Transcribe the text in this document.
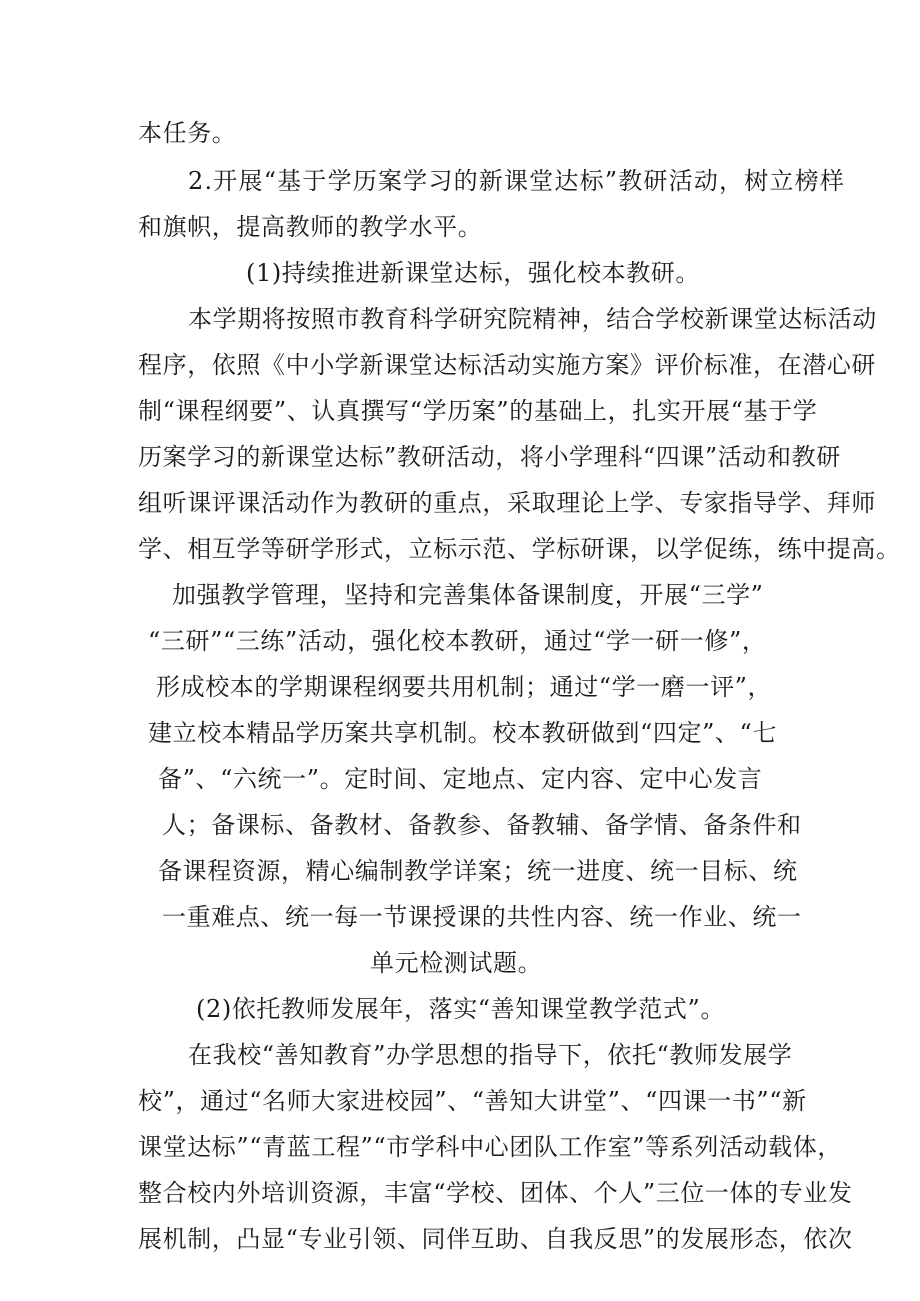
本任务。
2.开展“基于学历案学习的新课堂达标”教研活动，树立榜样
和旗帜，提高教师的教学水平。
(1)持续推进新课堂达标，强化校本教研。
本学期将按照市教育科学研究院精神，结合学校新课堂达标活动
程序，依照《中小学新课堂达标活动实施方案》评价标准，在潜心研
制“课程纲要”、认真撰写“学历案”的基础上，扎实开展“基于学
历案学习的新课堂达标”教研活动，将小学理科“四课”活动和教研
组听课评课活动作为教研的重点，采取理论上学、专家指导学、拜师
学、相互学等研学形式，立标示范、学标研课，以学促练，练中提高。
加强教学管理，坚持和完善集体备课制度，开展“三学”
“三研”“三练”活动，强化校本教研，通过“学一研一修”，
形成校本的学期课程纲要共用机制；通过“学一磨一评”，
建立校本精品学历案共享机制。校本教研做到“四定”、“七
备”、“六统一”。定时间、定地点、定内容、定中心发言
人；备课标、备教材、备教参、备教辅、备学情、备条件和
备课程资源，精心编制教学详案；统一进度、统一目标、统
一重难点、统一每一节课授课的共性内容、统一作业、统一
单元检测试题。
(2)依托教师发展年，落实“善知课堂教学范式”。
在我校“善知教育”办学思想的指导下，依托“教师发展学
校”，通过“名师大家进校园”、“善知大讲堂”、“四课一书”“新
课堂达标”“青蓝工程”“市学科中心团队工作室”等系列活动载体，
整合校内外培训资源，丰富“学校、团体、个人”三位一体的专业发
展机制，凸显“专业引领、同伴互助、自我反思”的发展形态，依次
